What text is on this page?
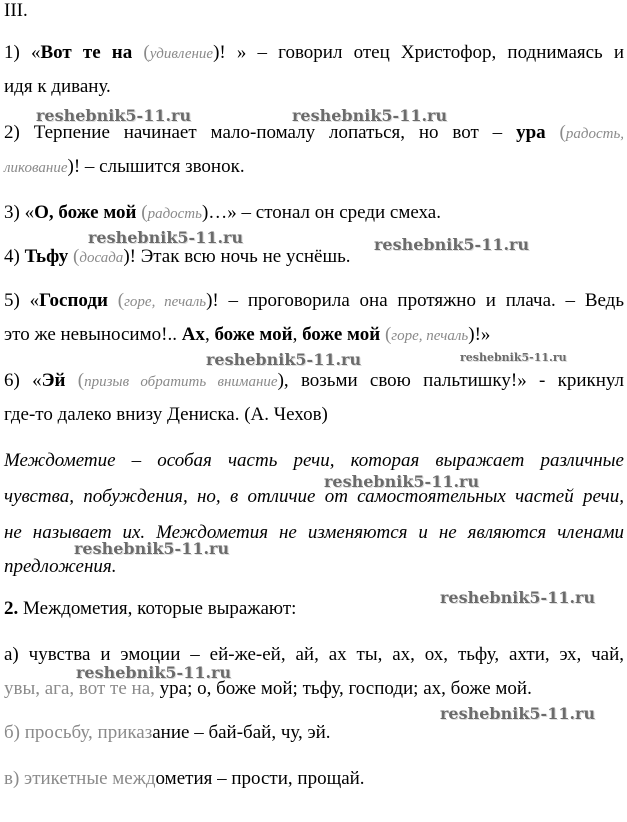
III.
1) «Вот те на (удивление)! » – говорил отец Христофор, поднимаясь и
идя к дивану.
2) Терпение начинает мало-помалу лопаться, но вот – ура (радость,
ликование)! – слышится звонок.
3) «О, боже мой (радость)…» – стонал он среди смеха.
4) Тьфу (досада)! Этак всю ночь не уснёшь.
5) «Господи (горе, печаль)! – проговорила она протяжно и плача. – Ведь
это же невыносимо!.. Ах, боже мой, боже мой (горе, печаль)!»
6) «Эй (призыв обратить внимание), возьми свою пальтишку!» - крикнул
где-то далеко внизу Дениска. (А. Чехов)
Междометие – особая часть речи, которая выражает различные
чувства, побуждения, но, в отличие от самостоятельных частей речи,
не называет их. Междометия не изменяются и не являются членами
предложения.
2. Междометия, которые выражают:
а) чувства и эмоции – ей-же-ей, ай, ах ты, ах, ох, тьфу, ахти, эх, чай,
увы, ага, вот те на, ура; о, боже мой; тьфу, господи; ах, боже мой.
б) просьбу, приказание – бай-бай, чу, эй.
в) этикетные междометия – прости, прощай.
reshebnik5-11.ru	reshebnik5-11.ru
reshebnik5-11.ru	reshebnik5-11.ru
reshebnik5-11.ru	reshebnik5-11.ru
reshebnik5-11.ru
reshebnik5-11.ru
reshebnik5-11.ru
reshebnik5-11.ru
reshebnik5-11.ru
